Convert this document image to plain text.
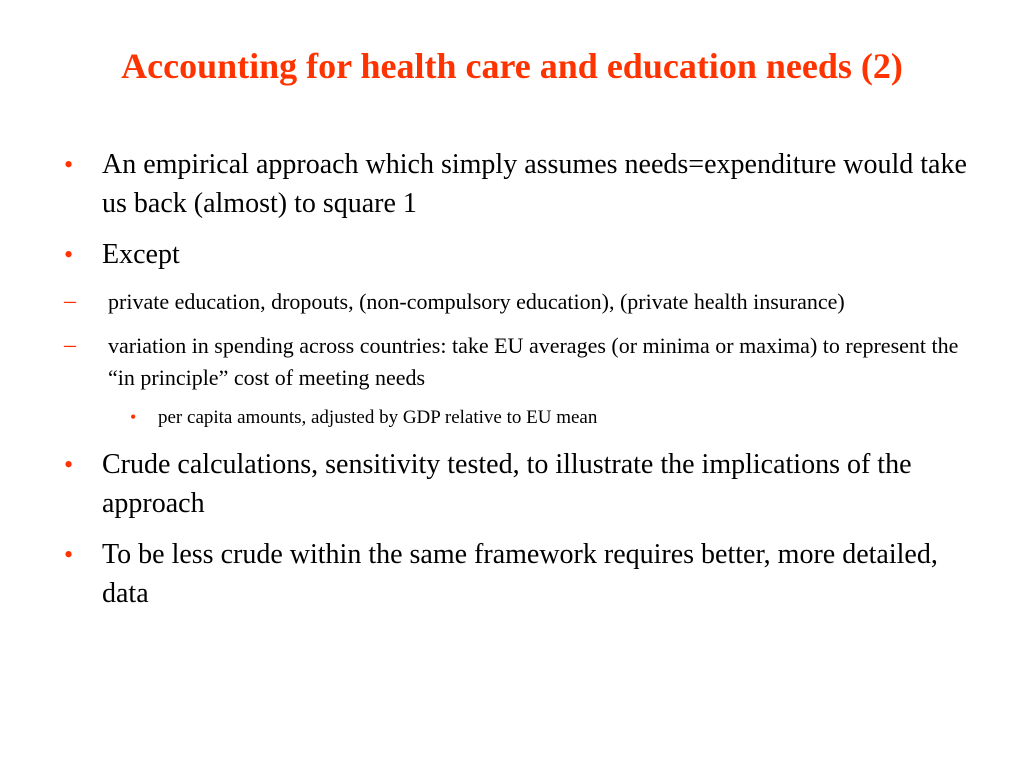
Accounting for health care and education needs (2)
• An empirical approach which simply assumes needs=expenditure would take us back (almost) to square 1
• Except
– private education, dropouts, (non-compulsory education), (private health insurance)
– variation in spending across countries: take EU averages (or minima or maxima) to represent the “in principle” cost of meeting needs
• per capita amounts, adjusted by GDP relative to EU mean
• Crude calculations, sensitivity tested, to illustrate the implications of the approach
• To be less crude within the same framework requires better, more detailed, data
